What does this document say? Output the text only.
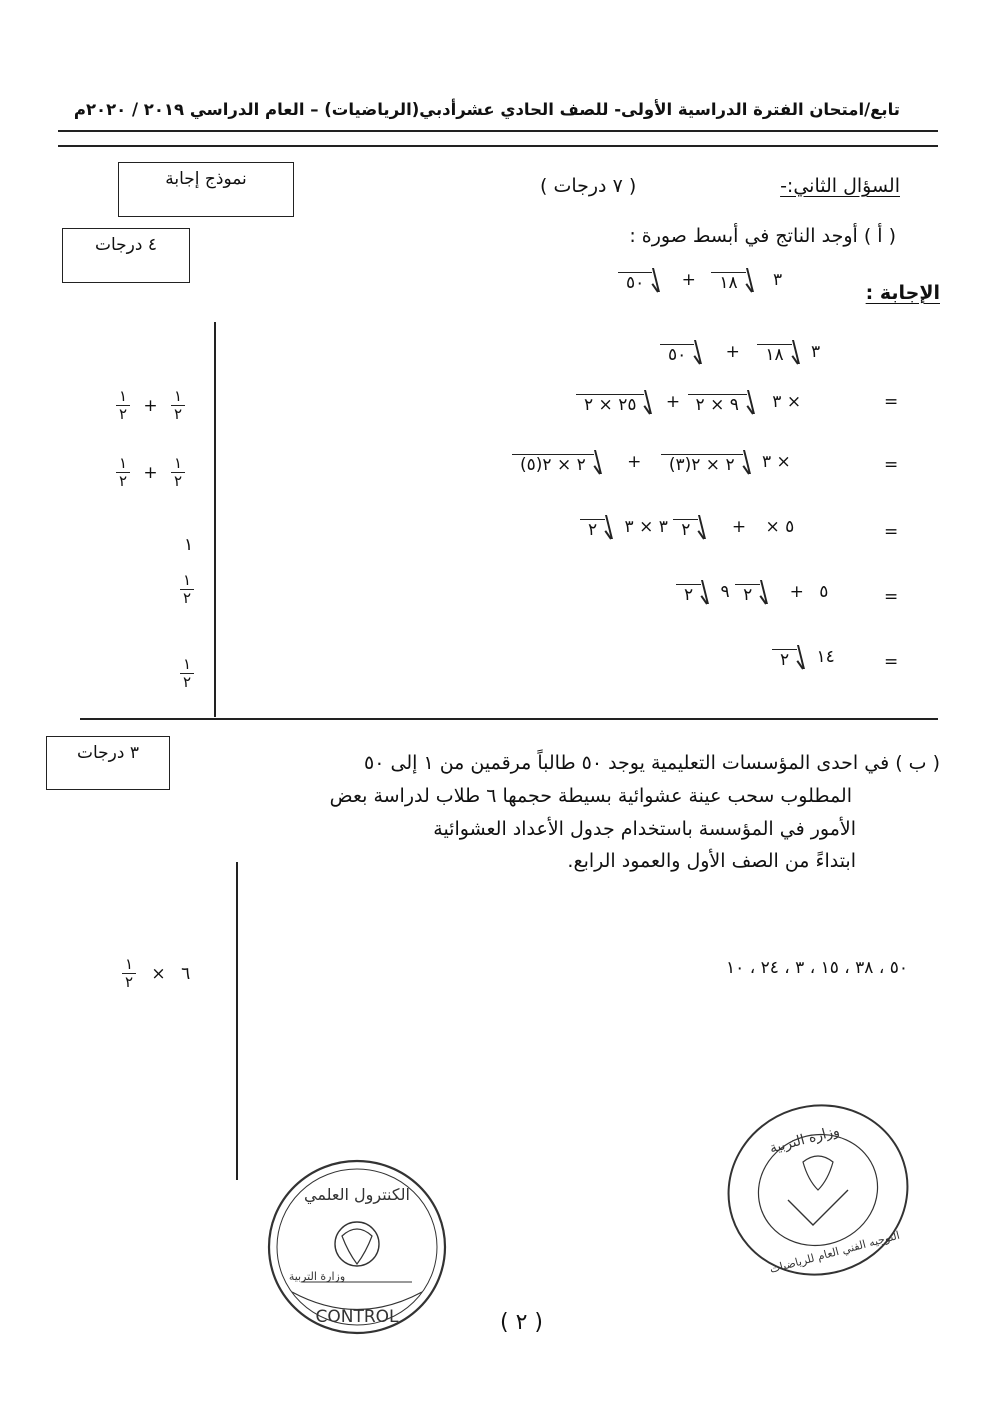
تابع/امتحان الفترة الدراسية الأولى- للصف الحادي عشرأدبي(الرياضيات) – العام الدراسي ٢٠١٩ / ٢٠٢٠م
نموذج إجابة	السؤال الثاني:-
( ٧ درجات )
٤ درجات	( أ ) أوجد الناتج في أبسط صورة :
٥٠	+	١٨	٣
الإجابة :
٥٠	+	١٨	٣
٢٥ × ٢	+ ٩ × ٢	٣ ×	=
(٥)٢ × ٢	+	(٣)٢ × ٢	٣ ×	=
٢	٥ × +
٢
٣ × ٣	=
٢	٥ +
٢
٩	=
٢	١٤	=
$\frac{١}{٢} + \frac{١}{٢}$
$\frac{١}{٢} + \frac{١}{٢}$
١
$\frac{١}{٢}$
$\frac{١}{٢}$
٣ درجات	( ب ) في احدى المؤسسات التعليمية يوجد ٥٠ طالباً مرقمين من ١ إلى ٥٠
المطلوب سحب عينة عشوائية بسيطة حجمها ٦ طلاب لدراسة بعض
الأمور في المؤسسة باستخدام جدول الأعداد العشوائية
ابتداءً من الصف الأول والعمود الرابع.
٥٠ ، ٣٨ ، ١٥ ، ٣ ، ٢٤ ، ١٠
$\frac{١}{٢}$ × ٦
الكنترول العلمي
وزارة التربية
CONTROL
وزارة التربية
التوجيه الفني العام للرياضيات
( ٢ )
